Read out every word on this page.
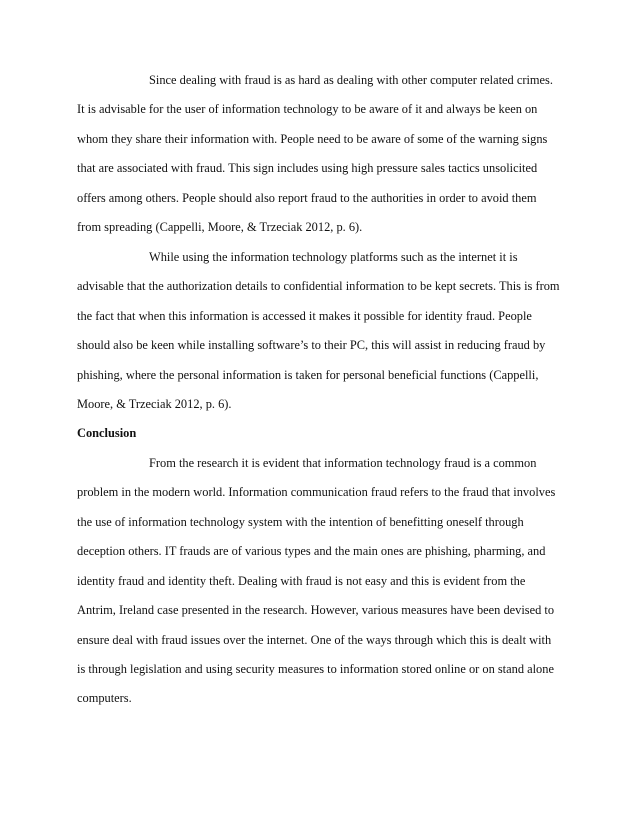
Since dealing with fraud is as hard as dealing with other computer related crimes.
It is advisable for the user of information technology to be aware of it and always be keen on
whom they share their information with. People need to be aware of some of the warning signs
that are associated with fraud. This sign includes using high pressure sales tactics unsolicited
offers among others. People should also report fraud to the authorities in order to avoid them
from spreading (Cappelli, Moore, & Trzeciak 2012, p. 6).
While using the information technology platforms such as the internet it is
advisable that the authorization details to confidential information to be kept secrets. This is from
the fact that when this information is accessed it makes it possible for identity fraud. People
should also be keen while installing software’s to their PC, this will assist in reducing fraud by
phishing, where the personal information is taken for personal beneficial functions (Cappelli,
Moore, & Trzeciak 2012, p. 6).
Conclusion
From the research it is evident that information technology fraud is a common
problem in the modern world. Information communication fraud refers to the fraud that involves
the use of information technology system with the intention of benefitting oneself through
deception others. IT frauds are of various types and the main ones are phishing, pharming, and
identity fraud and identity theft. Dealing with fraud is not easy and this is evident from the
Antrim, Ireland case presented in the research. However, various measures have been devised to
ensure deal with fraud issues over the internet. One of the ways through which this is dealt with
is through legislation and using security measures to information stored online or on stand alone
computers.
